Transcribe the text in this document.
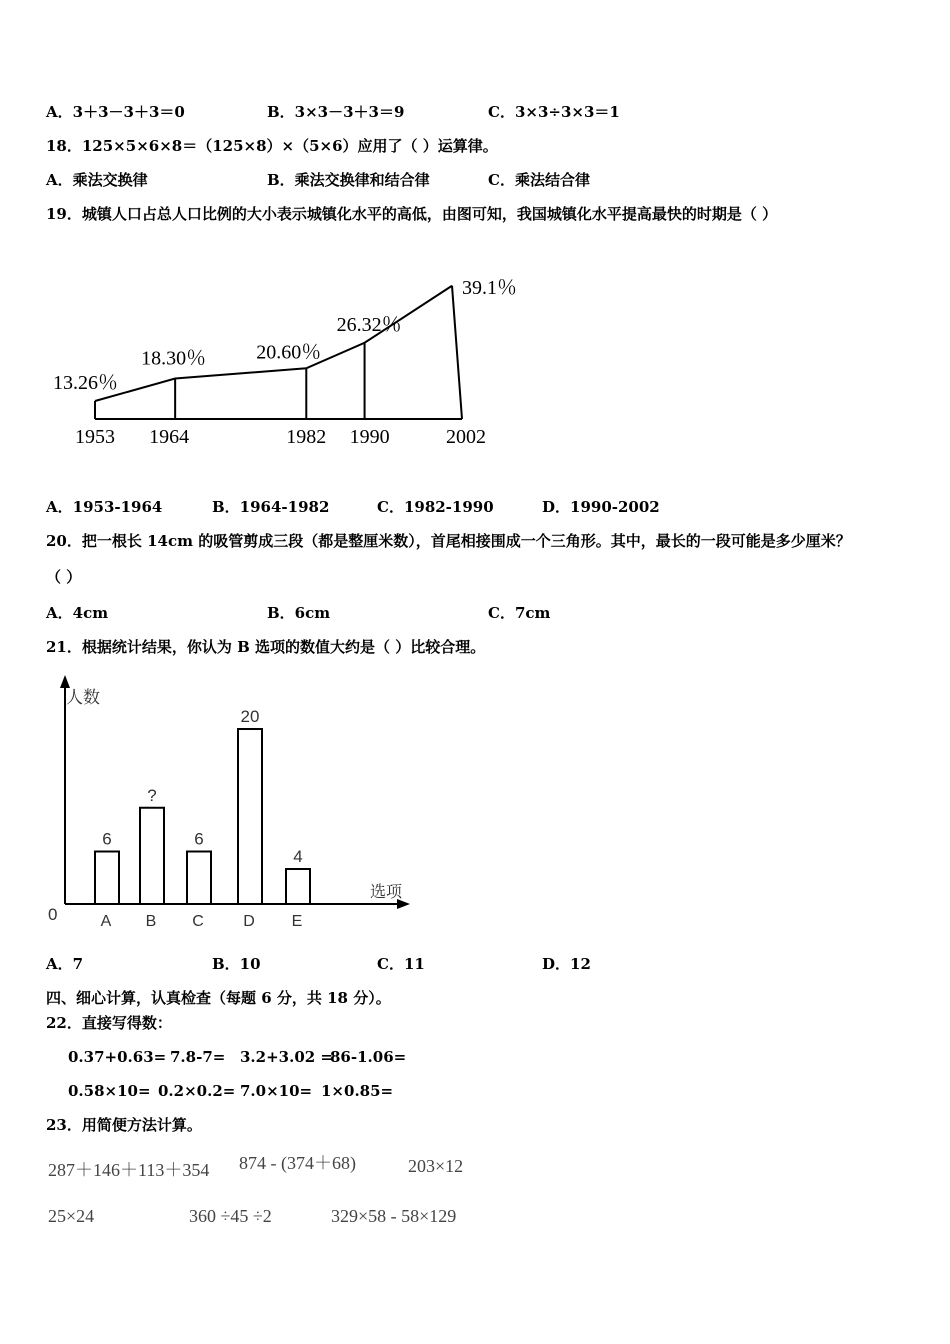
A．3＋3－3＋3＝0	B．3×3－3＋3＝9	C．3×3÷3×3＝1
18．125×5×6×8＝（125×8）×（5×6）应用了（ ）运算律。
A．乘法交换律	B．乘法交换律和结合律	C．乘法结合律
19．城镇人口占总人口比例的大小表示城镇化水平的高低，由图可知，我国城镇化水平提高最快的时期是（ ）
13.26％
18.30％	20.60％
26.32％
39.1％
1953 1964	1982 1990	2002
A．1953-1964	B．1964-1982	C．1982-1990	D．1990-2002
20．把一根长 14cm 的吸管剪成三段（都是整厘米数），首尾相接围成一个三角形。其中，最长的一段可能是多少厘米？
（ ）
A．4cm	B．6cm	C．7cm
21．根据统计结果，你认为 B 选项的数值大约是（ ）比较合理。
人数
选项
0
6
A
?
B
6
C
20
D
4
E
A．7	B．10	C．11	D．12
四、细心计算，认真检查（每题 6 分，共 18 分）。
22．直接写得数：
0.37+0.63= 7.8-7= 3.2+3.02 =
86-1.06=
0.58×10= 0.2×0.2= 7.0×10= 1×0.85=
23．用简便方法计算。
287＋146＋113＋354 874 - (374＋68)	203×12
25×24	360 ÷45 ÷2	329×58 - 58×129
